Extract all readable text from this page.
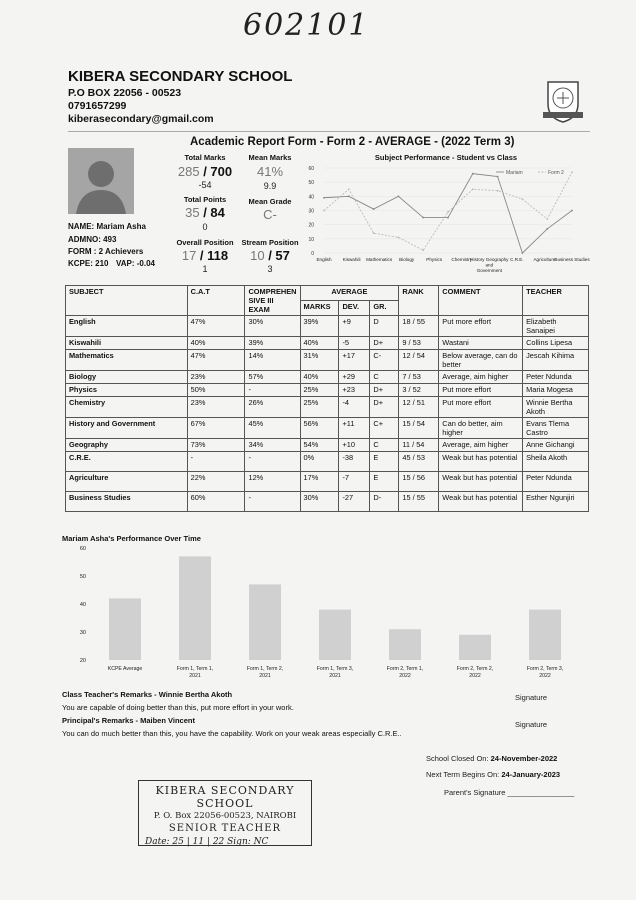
602101
KIBERA SECONDARY SCHOOL
P.O BOX 22056 - 00523
0791657299
kiberasecondary@gmail.com
Academic Report Form - Form 2 - AVERAGE - (2022 Term 3)
NAME: Mariam Asha
ADMNO: 493
FORM : 2 Achievers
KCPE: 210 VAP: -0.04
Total Marks
285 / 700
-54
Mean Marks
41%
9.9
Total Points
35 / 84
0
Mean Grade
C-
Overall Position
17 / 118
1
Stream Position
10 / 57
3
Subject Performance - Student vs Class
0
10
20
30
40
50
60
English Kiswahili Mathematics Biology	Physics Chemistry
History Geography and Government
C.R.E. Agriculture
Business Studies
Mariam	Form 2
SUBJECT	C.A.T	COMPREHEN SIVE III EXAM	AVERAGE			RANK	COMMENT	TEACHER
			MARKS	DEV.	GR.			
English	47%	30%	39%	+9	D	18 / 55	Put more effort	Elizabeth Sanaipei
Kiswahili	40%	39%	40%	-5	D+	9 / 53	Wastani	Collins Lipesa
Mathematics	47%	14%	31%	+17	C-	12 / 54	Below average, can do better	Jescah Kihima
Biology	23%	57%	40%	+29	C	7 / 53	Average, aim higher	Peter Ndunda
Physics	50%	-	25%	+23	D+	3 / 52	Put more effort	Maria Mogesa
Chemistry	23%	26%	25%	-4	D+	12 / 51	Put more effort	Winnie Bertha Akoth
History and Government	67%	45%	56%	+11	C+	15 / 54	Can do better, aim higher	Evans Tlema Castro
Geography	73%	34%	54%	+10	C	11 / 54	Average, aim higher	Anne Gichangi
C.R.E.	-	-	0%	-38	E	45 / 53	Weak but has potential	Sheila Akoth
Agriculture	22%	12%	17%	-7	E	15 / 56	Weak but has potential	Peter Ndunda
Business Studies	60%	-	30%	-27	D-	15 / 55	Weak but has potential	Esther Ngunjiri
Mariam Asha's Performance Over Time
20
30
40
50
60
KCPE Average	Form 1, Term 1, 2021
Form 1, Term 2, 2021
Form 1, Term 3, 2021
Form 2, Term 1, 2022
Form 2, Term 2, 2022
Form 2, Term 3, 2022
Class Teacher's Remarks - Winnie Bertha Akoth
You are capable of doing better than this, put more effort in your work.
Signature
Principal's Remarks - Maiben Vincent
You can do much better than this, you have the capability. Work on your weak areas especially C.R.E..
Signature
School Closed On: 24-November-2022
Next Term Begins On: 24-January-2023
Parent's Signature ________________
KIBERA SECONDARY SCHOOL
P. O. Box 22056-00523, NAIROBI
SENIOR TEACHER
Date: 25 | 11 | 22 Sign: NC
